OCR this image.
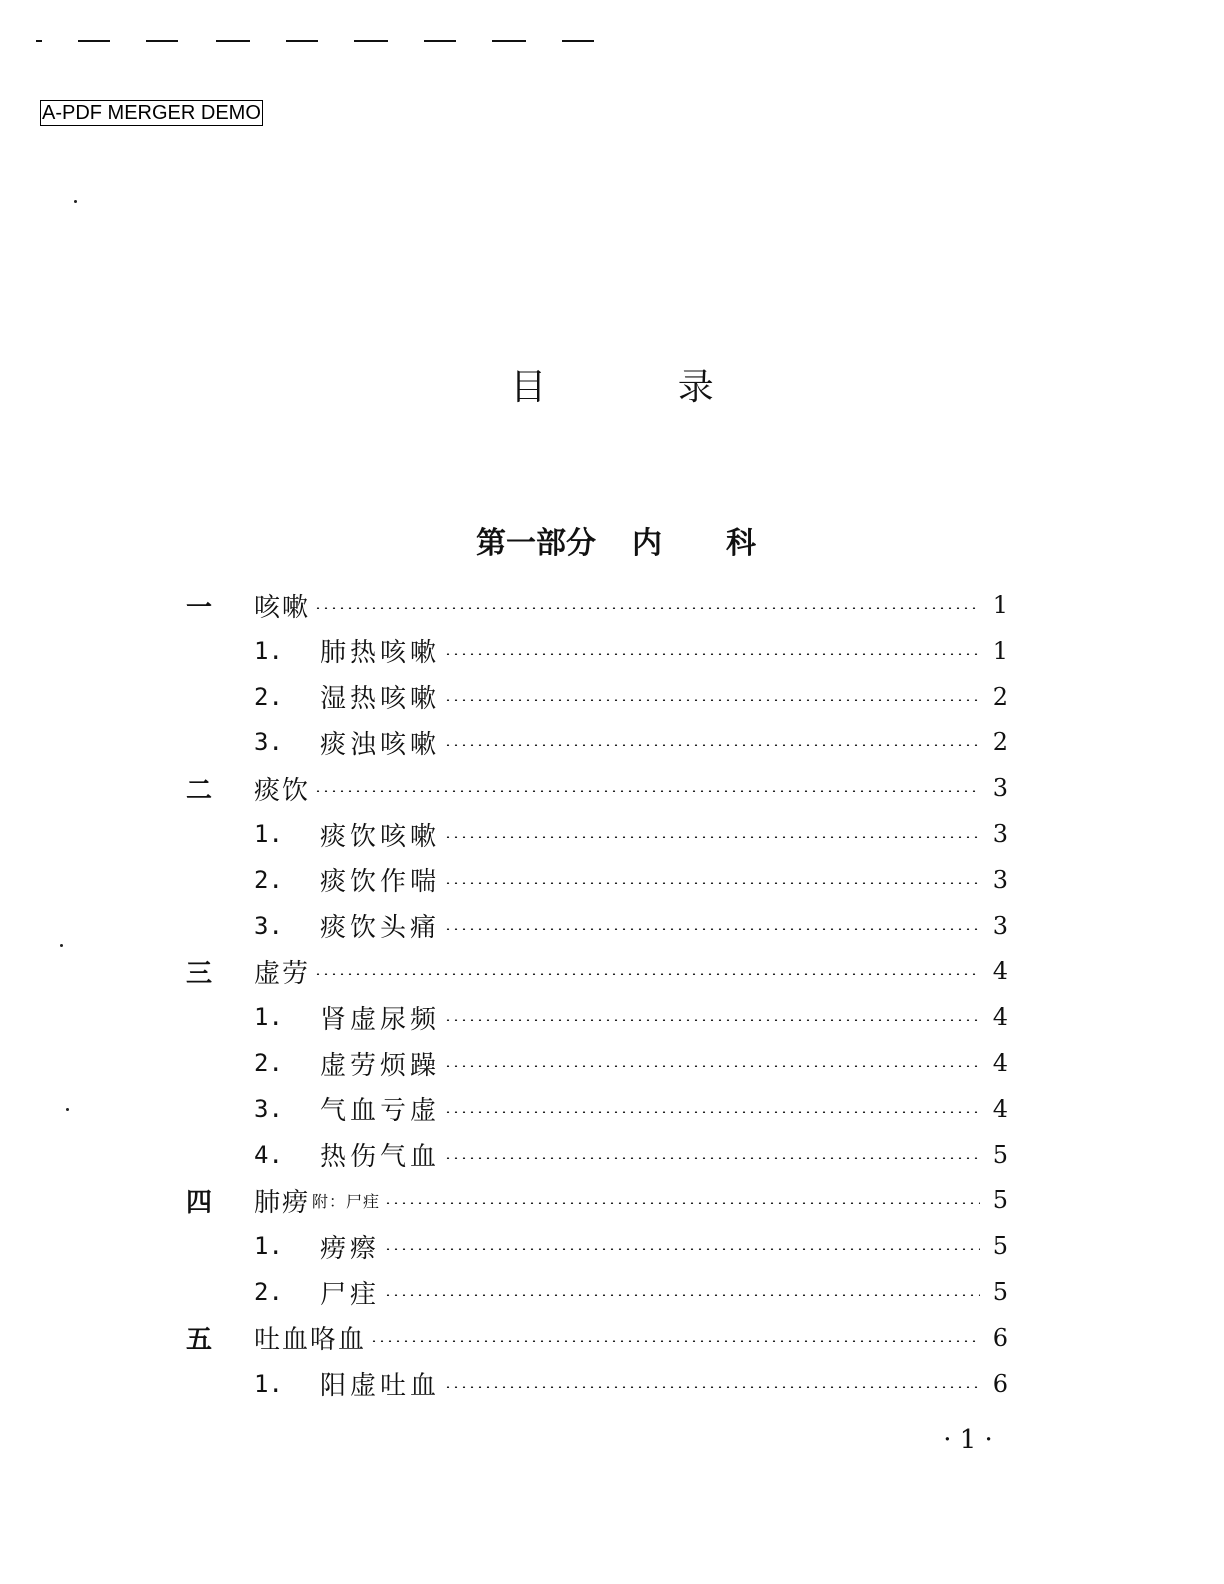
A-PDF MERGER DEMO
目 录
第一部分 内 科
一	咳嗽	1
1.	肺热咳嗽	1
2.	湿热咳嗽	2
3.	痰浊咳嗽	2
二	痰饮	3
1.	痰饮咳嗽	3
2.	痰饮作喘	3
3.	痰饮头痛	3
三	虚劳	4
1.	肾虚尿频	4
2.	虚劳烦躁	4
3.	气血亏虚	4
4.	热伤气血	5
四	肺痨 附：尸疰	5
1.	痨瘵	5
2.	尸疰	5
五	吐血咯血	6
1.	阳虚吐血	6
· 1 ·
